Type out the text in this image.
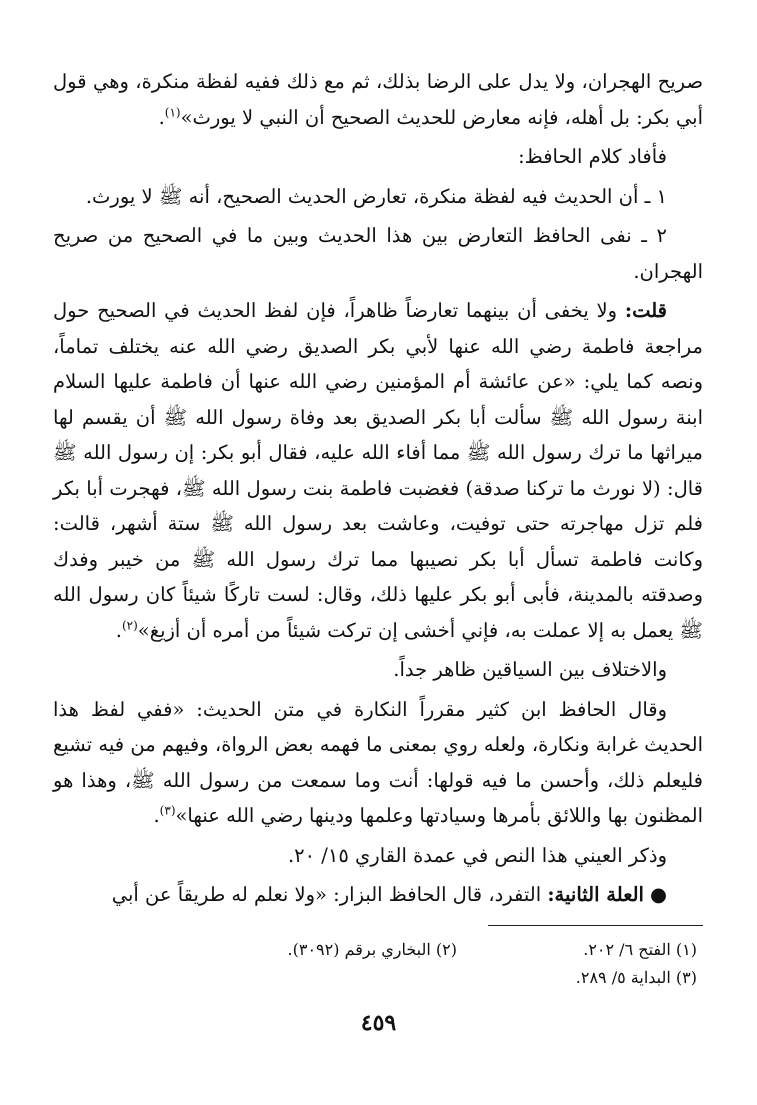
صريح الهجران، ولا يدل على الرضا بذلك، ثم مع ذلك ففيه لفظة منكرة، وهي قول أبي بكر: بل أهله، فإنه معارض للحديث الصحيح أن النبي لا يورث»$^{(١)}$.

فأفاد كلام الحافظ:

١ ـ أن الحديث فيه لفظة منكرة، تعارض الحديث الصحيح، أنه ﷺ لا يورث.

٢ ـ نفى الحافظ التعارض بين هذا الحديث وبين ما في الصحيح من صريح الهجران.

قلت: ولا يخفى أن بينهما تعارضاً ظاهراً، فإن لفظ الحديث في الصحيح حول مراجعة فاطمة رضي الله عنها لأبي بكر الصديق رضي الله عنه يختلف تماماً، ونصه كما يلي: «عن عائشة أم المؤمنين رضي الله عنها أن فاطمة عليها السلام ابنة رسول الله ﷺ سألت أبا بكر الصديق بعد وفاة رسول الله ﷺ أن يقسم لها ميراثها ما ترك رسول الله ﷺ مما أفاء الله عليه، فقال أبو بكر: إن رسول الله ﷺ قال: (لا نورث ما تركنا صدقة) فغضبت فاطمة بنت رسول الله ﷺ، فهجرت أبا بكر فلم تزل مهاجرته حتى توفيت، وعاشت بعد رسول الله ﷺ ستة أشهر، قالت: وكانت فاطمة تسأل أبا بكر نصيبها مما ترك رسول الله ﷺ من خيبر وفدك وصدقته بالمدينة، فأبى أبو بكر عليها ذلك، وقال: لست تاركًا شيئاً كان رسول الله ﷺ يعمل به إلا عملت به، فإني أخشى إن تركت شيئاً من أمره أن أزيغ»$^{(٢)}$.

والاختلاف بين السياقين ظاهر جداً.

وقال الحافظ ابن كثير مقرراً النكارة في متن الحديث: «ففي لفظ هذا الحديث غرابة ونكارة، ولعله روي بمعنى ما فهمه بعض الرواة، وفيهم من فيه تشيع فليعلم ذلك، وأحسن ما فيه قولها: أنت وما سمعت من رسول الله ﷺ، وهذا هو المظنون بها واللائق بأمرها وسيادتها وعلمها ودينها رضي الله عنها»$^{(٣)}$.

وذكر العيني هذا النص في عمدة القاري ١٥/ ٢٠.

●العلة الثانية: التفرد، قال الحافظ البزار: «ولا نعلم له طريقاً عن أبي

(١) الفتح ٦/ ٢٠٢.
(٢) البخاري برقم (٣٠٩٢).
(٣) البداية ٥/ ٢٨٩.
٤٥٩
